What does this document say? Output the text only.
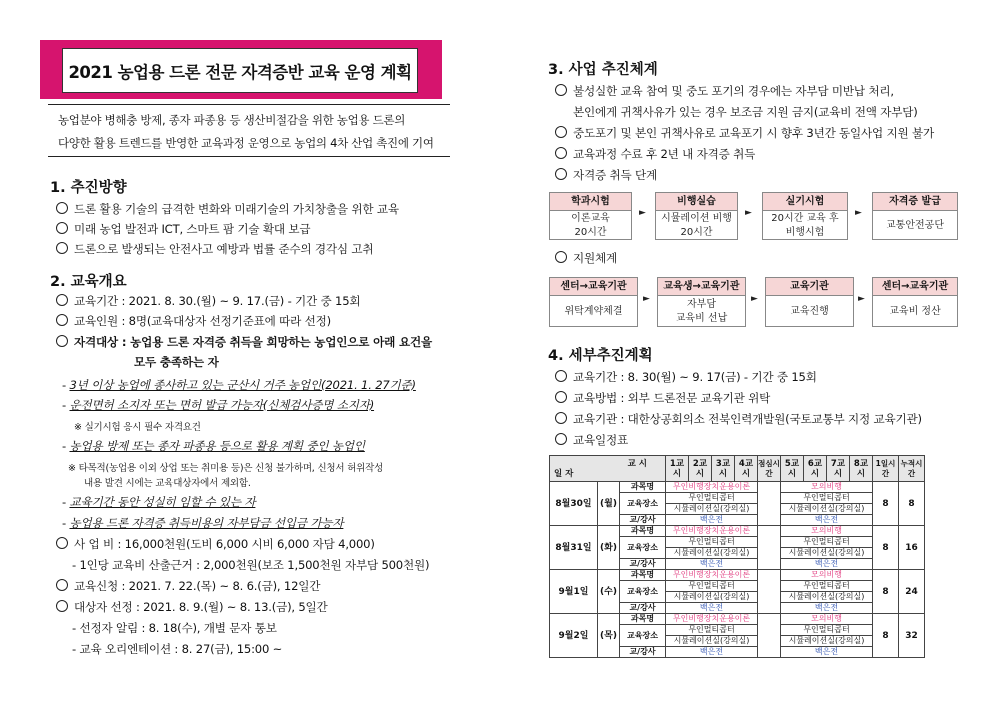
2021 농업용 드론 전문 자격증반 교육 운영 계획
농업분야 병해충 방제, 종자 파종용 등 생산비절감을 위한 농업용 드론의
다양한 활용 트렌드를 반영한 교육과정 운영으로 농업의 4차 산업 촉진에 기여
1. 추진방향
드론 활용 기술의 급격한 변화와 미래기술의 가치창출을 위한 교육
미래 농업 발전과 ICT, 스마트 팜 기술 확대 보급
드론으로 발생되는 안전사고 예방과 법률 준수의 경각심 고취
2. 교육개요
교육기간 : 2021. 8. 30.(월) ~ 9. 17.(금) - 기간 중 15회
교육인원 : 8명(교육대상자 선정기준표에 따라 선정)
자격대상 : 농업용 드론 자격증 취득을 희망하는 농업인으로 아래 요건을
모두 충족하는 자
- 3년 이상 농업에 종사하고 있는 군산시 거주 농업인(2021. 1. 27기준)
- 운전면허 소지자 또는 면허 발급 가능자(신체검사증명 소지자)
※ 실기시험 응시 필수 자격요건
- 농업용 방제 또는 종자 파종용 등으로 활용 계획 중인 농업인
※ 타목적(농업용 이외 상업 또는 취미용 등)은 신청 불가하며, 신청서 허위작성
내용 발견 시에는 교육대상자에서 제외함.
- 교육기간 동안 성실히 임할 수 있는 자
- 농업용 드론 자격증 취득비용의 자부담금 선입금 가능자
사 업 비 : 16,000천원(도비 6,000 시비 6,000 자담 4,000)
- 1인당 교육비 산출근거 : 2,000천원(보조 1,500천원 자부담 500천원)
교육신청 : 2021. 7. 22.(목) ~ 8. 6.(금), 12일간
대상자 선정 : 2021. 8. 9.(월) ~ 8. 13.(금), 5일간
- 선정자 알림 : 8. 18(수), 개별 문자 통보
- 교육 오리엔테이션 : 8. 27(금), 15:00 ~
3. 사업 추진체계
불성실한 교육 참여 및 중도 포기의 경우에는 자부담 미반납 처리,
본인에게 귀책사유가 있는 경우 보조금 지원 금지(교육비 전액 자부담)
중도포기 및 본인 귀책사유로 교육포기 시 향후 3년간 동일사업 지원 불가
교육과정 수료 후 2년 내 자격증 취득
자격증 취득 단계
학과시험
이론교육
20시간
►
비행실습
시뮬레이션 비행
20시간
►
실기시험
20시간 교육 후
비행시험
►
자격증 발급
교통안전공단
지원체계
센터→교육기관
위탁계약체결
►
교육생→교육기관
자부담
교육비 선납
►
교육기관
교육진행
►
센터→교육기관
교육비 정산
4. 세부추진계획
교육기간 : 8. 30(월) ~ 9. 17(금) - 기간 중 15회
교육방법 : 외부 드론전문 교육기관 위탁
교육기관 : 대한상공회의소 전북인력개발원(국토교통부 지정 교육기관)
교육일정표
교 시
일 자			1교시	2교시	3교시	4교시	점심시간	5교시	6교시	7교시	8교시	1일시간	누적시간
8월30일	(월)	과목명	무인비행장치운용이론					모의비행				8	8
		교육장소	무인멀티콥터					무인멀티콥터					
			시뮬레이션실(강의실)					시뮬레이션실(강의실)					
		교/강사	백은전					백은전					
8월31일	(화)	과목명	무인비행장치운용이론					모의비행				8	16
		교육장소	무인멀티콥터					무인멀티콥터					
			시뮬레이션실(강의실)					시뮬레이션실(강의실)					
		교/강사	백은전					백은전					
9월1일	(수)	과목명	무인비행장치운용이론					모의비행				8	24
		교육장소	무인멀티콥터					무인멀티콥터					
			시뮬레이션실(강의실)					시뮬레이션실(강의실)					
		교/강사	백은전					백은전					
9월2일	(목)	과목명	무인비행장치운용이론					모의비행				8	32
		교육장소	무인멀티콥터					무인멀티콥터					
			시뮬레이션실(강의실)					시뮬레이션실(강의실)					
		교/강사	백은전					백은전					
